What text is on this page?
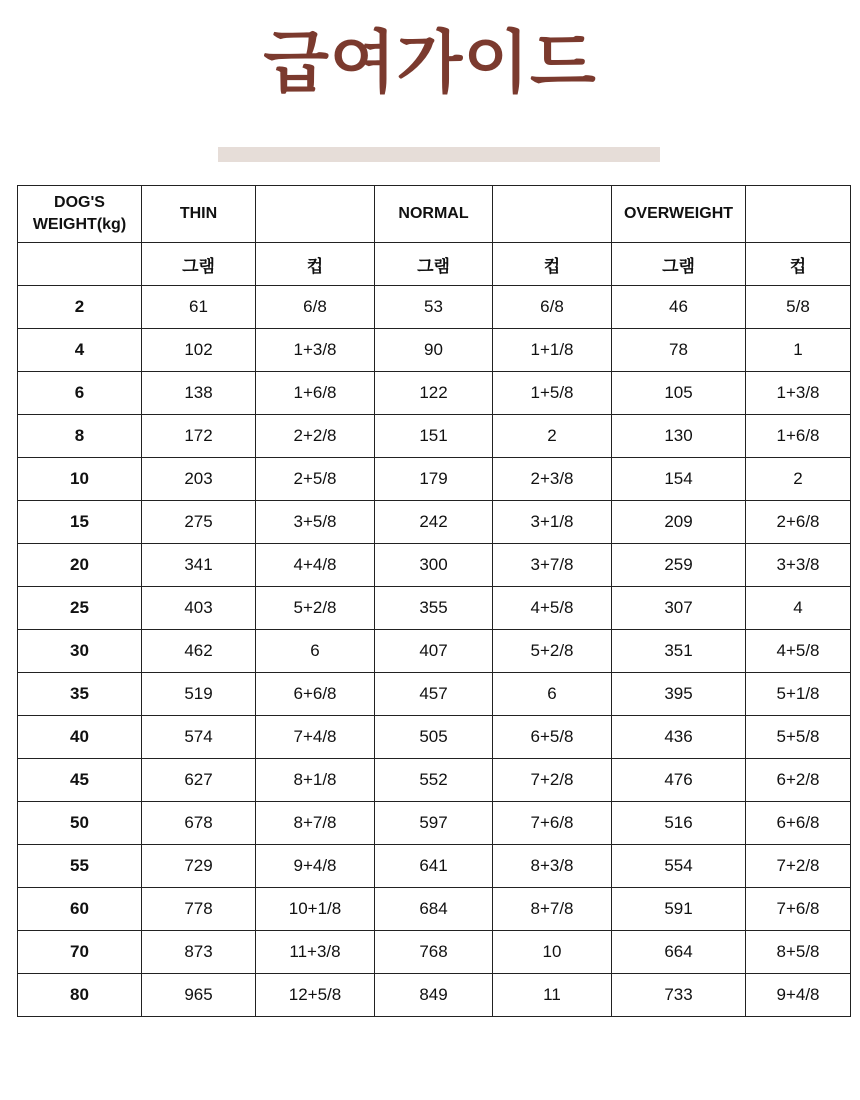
급여가이드
DOG'S WEIGHT(kg)	THIN		NORMAL		OVERWEIGHT	
	그램	컵	그램	컵	그램	컵
2	61	6/8	53	6/8	46	5/8
4	102	1+3/8	90	1+1/8	78	1
6	138	1+6/8	122	1+5/8	105	1+3/8
8	172	2+2/8	151	2	130	1+6/8
10	203	2+5/8	179	2+3/8	154	2
15	275	3+5/8	242	3+1/8	209	2+6/8
20	341	4+4/8	300	3+7/8	259	3+3/8
25	403	5+2/8	355	4+5/8	307	4
30	462	6	407	5+2/8	351	4+5/8
35	519	6+6/8	457	6	395	5+1/8
40	574	7+4/8	505	6+5/8	436	5+5/8
45	627	8+1/8	552	7+2/8	476	6+2/8
50	678	8+7/8	597	7+6/8	516	6+6/8
55	729	9+4/8	641	8+3/8	554	7+2/8
60	778	10+1/8	684	8+7/8	591	7+6/8
70	873	11+3/8	768	10	664	8+5/8
80	965	12+5/8	849	11	733	9+4/8
